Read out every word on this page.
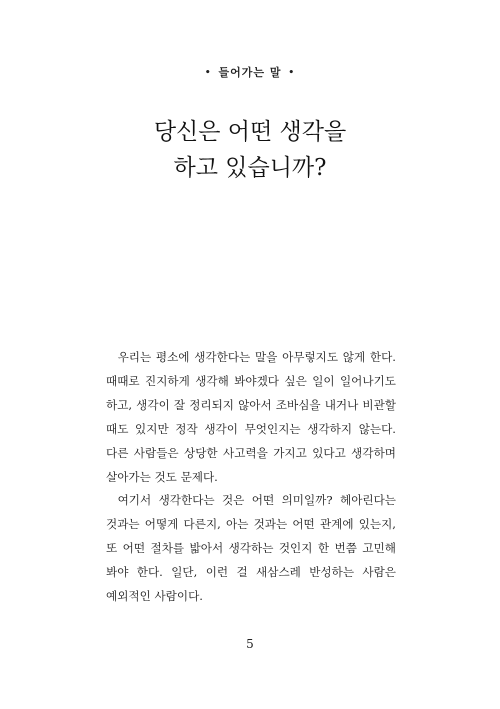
• 들어가는 말 •
당신은 어떤 생각을
하고 있습니까?

우리는 평소에 생각한다는 말을 아무렇지도 않게 한다. 때때로 진지하게 생각해 봐야겠다 싶은 일이 일어나기도 하고, 생각이 잘 정리되지 않아서 조바심을 내거나 비관할 때도 있지만 정작 생각이 무엇인지는 생각하지 않는다. 다른 사람들은 상당한 사고력을 가지고 있다고 생각하며 살아가는 것도 문제다.

여기서 생각한다는 것은 어떤 의미일까? 헤아린다는 것과는 어떻게 다른지, 아는 것과는 어떤 관계에 있는지, 또 어떤 절차를 밟아서 생각하는 것인지 한 번쯤 고민해 봐야 한다. 일단, 이런 걸 새삼스레 반성하는 사람은 예외적인 사람이다.

5
